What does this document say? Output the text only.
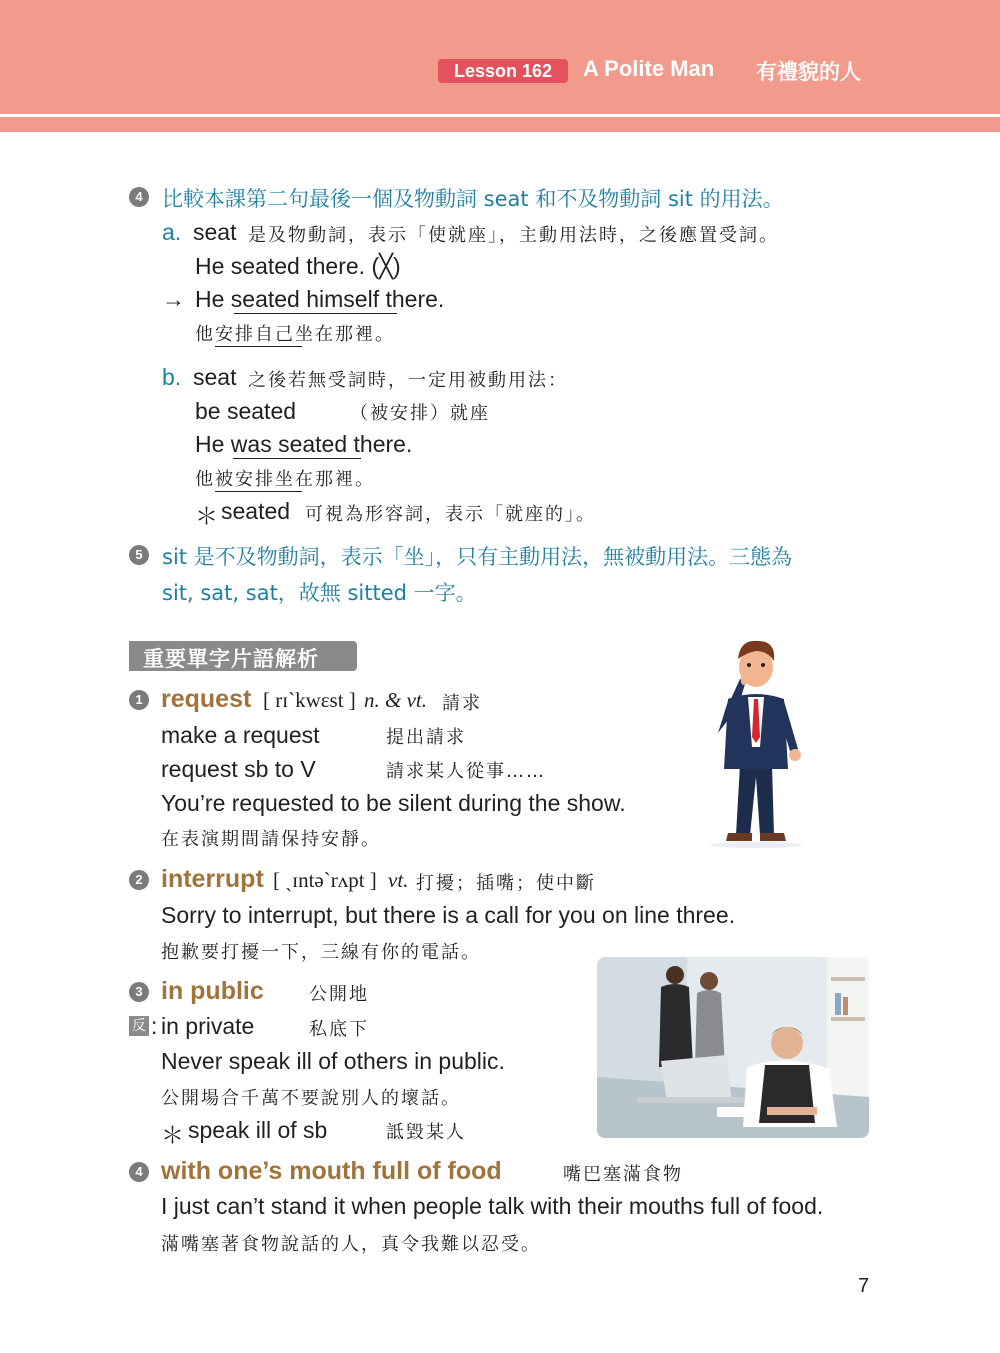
Lesson 162	A Polite Man 有禮貌的人
4 比較本課第二句最後一個及物動詞 seat 和不及物動詞 sit 的用法。
a. seat 是及物動詞，表示「使就座」，主動用法時，之後應置受詞。
He seated there. (╳)
→ He seated himself there.
他安排自己坐在那裡。
b. seat 之後若無受詞時，一定用被動用法：
be seated	（被安排）就座
He was seated there.
他被安排坐在那裡。
＊ seated 可視為形容詞，表示「就座的」。
5 sit 是不及物動詞，表示「坐」，只有主動用法，無被動用法。三態為
sit, sat, sat，故無 sitted 一字。
重要單字片語解析
1 request [ rɪˋkwɛst ] n. & vt. 請求
make a request	提出請求
request sb to V	請求某人從事……
You’re requested to be silent during the show.
在表演期間請保持安靜。
2 interrupt [ ˏɪntəˋrʌpt ] vt. 打擾；插嘴；使中斷
Sorry to interrupt, but there is a call for you on line three.
抱歉要打擾一下，三線有你的電話。
3 in public	公開地
反 : in private	私底下
Never speak ill of others in public.
公開場合千萬不要說別人的壞話。
＊ speak ill of sb	詆毀某人
4 with one’s mouth full of food	嘴巴塞滿食物
I just can’t stand it when people talk with their mouths full of food.
滿嘴塞著食物說話的人，真令我難以忍受。
7
